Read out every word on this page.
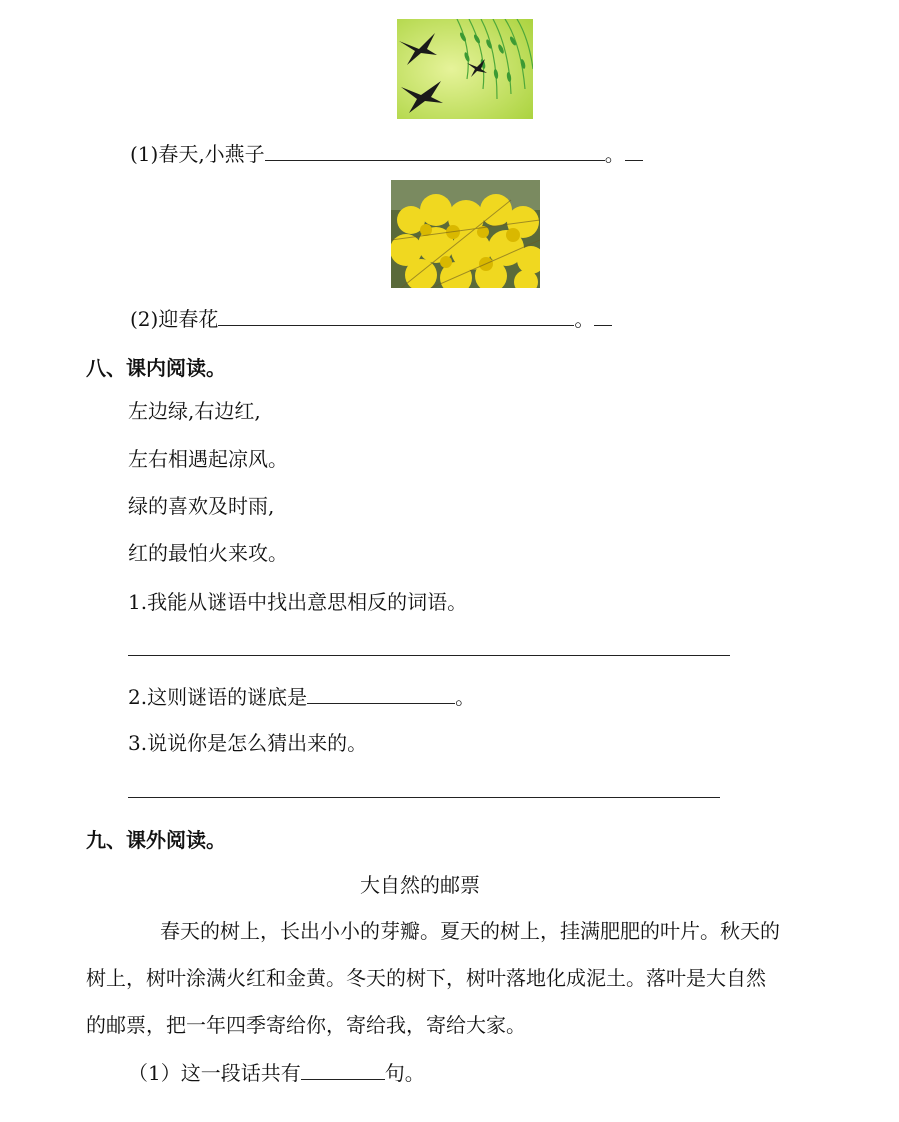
(1)春天,小燕子	。
(2)迎春花	。
八、课内阅读。
左边绿,右边红,
左右相遇起凉风。
绿的喜欢及时雨,
红的最怕火来攻。
1.我能从谜语中找出意思相反的词语。
2.这则谜语的谜底是	。
3.说说你是怎么猜出来的。
九、课外阅读。
大自然的邮票
春天的树上，长出小小的芽瓣。夏天的树上，挂满肥肥的叶片。秋天的
树上，树叶涂满火红和金黄。冬天的树下，树叶落地化成泥土。落叶是大自然
的邮票，把一年四季寄给你，寄给我，寄给大家。
（1）这一段话共有	句。
